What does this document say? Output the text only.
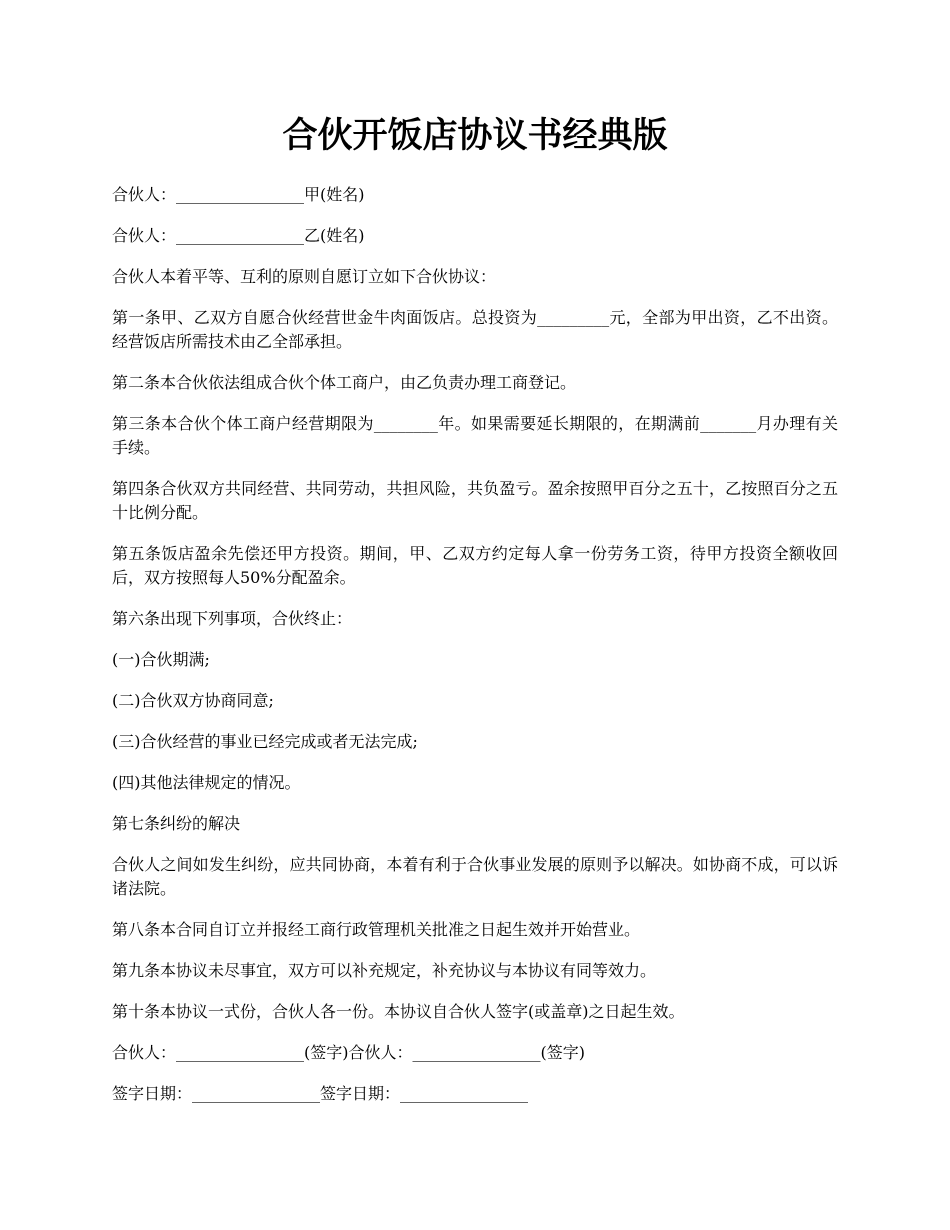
合伙开饭店协议书经典版

合伙人：________________甲(姓名)

合伙人：________________乙(姓名)

合伙人本着平等、互利的原则自愿订立如下合伙协议：

第一条甲、乙双方自愿合伙经营世金牛肉面饭店。总投资为_________元，全部为甲出资，乙不出资。经营饭店所需技术由乙全部承担。

第二条本合伙依法组成合伙个体工商户，由乙负责办理工商登记。

第三条本合伙个体工商户经营期限为________年。如果需要延长期限的，在期满前_______月办理有关手续。

第四条合伙双方共同经营、共同劳动，共担风险，共负盈亏。盈余按照甲百分之五十，乙按照百分之五十比例分配。

第五条饭店盈余先偿还甲方投资。期间，甲、乙双方约定每人拿一份劳务工资，待甲方投资全额收回后，双方按照每人50%分配盈余。

第六条出现下列事项，合伙终止：

(一)合伙期满;

(二)合伙双方协商同意;

(三)合伙经营的事业已经完成或者无法完成;

(四)其他法律规定的情况。

第七条纠纷的解决

合伙人之间如发生纠纷，应共同协商，本着有利于合伙事业发展的原则予以解决。如协商不成，可以诉诸法院。

第八条本合同自订立并报经工商行政管理机关批准之日起生效并开始营业。

第九条本协议未尽事宜，双方可以补充规定，补充协议与本协议有同等效力。

第十条本协议一式份，合伙人各一份。本协议自合伙人签字(或盖章)之日起生效。

合伙人：________________(签字)合伙人：________________(签字)

签字日期：________________签字日期：________________
